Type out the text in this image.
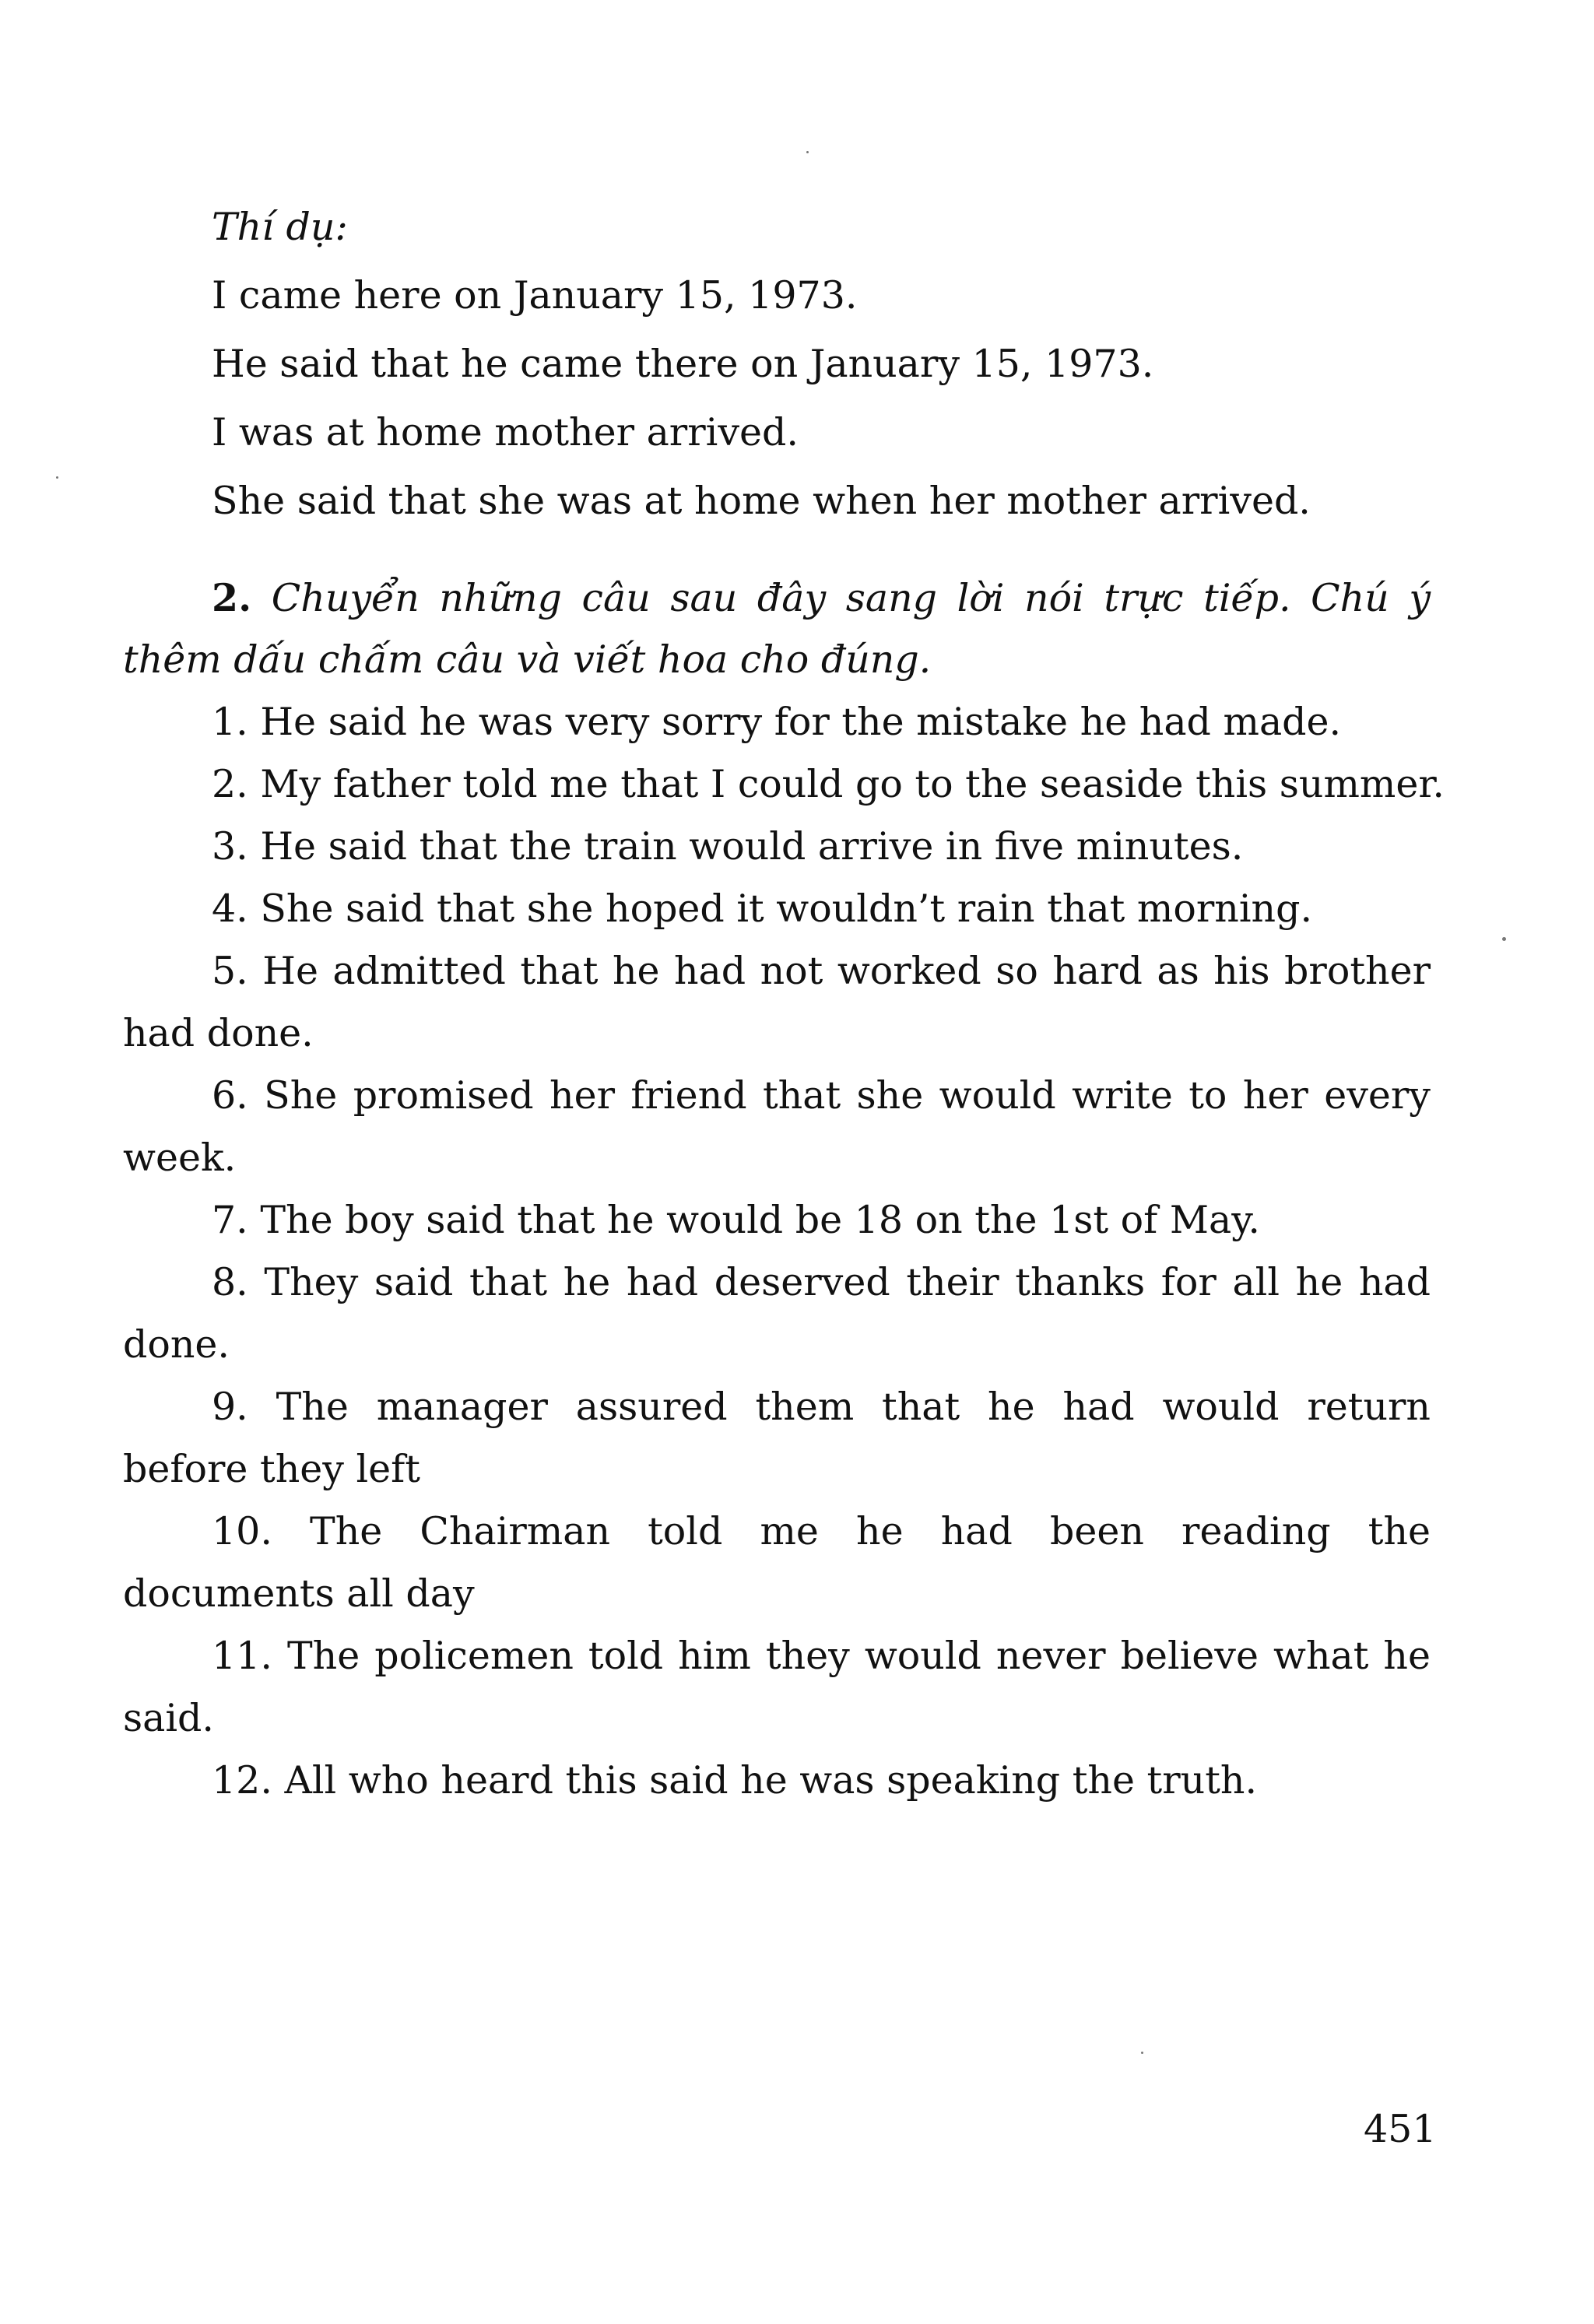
Thí dụ:
I came here on January 15, 1973.
He said that he came there on January 15, 1973.
I was at home mother arrived.
She said that she was at home when her mother arrived.
2. Chuyển những câu sau đây sang lời nói trực tiếp. Chú ý
thêm dấu chấm câu và viết hoa cho đúng.
1. He said he was very sorry for the mistake he had made.
2. My father told me that I could go to the seaside this summer.
3. He said that the train would arrive in five minutes.
4. She said that she hoped it wouldn’t rain that morning.
5. He admitted that he had not worked so hard as his brother
had done.
6. She promised her friend that she would write to her every
week.
7. The boy said that he would be 18 on the 1st of May.
8. They said that he had deserved their thanks for all he had
done.
9. The manager assured them that he had would return
before they left
10. The Chairman told me he had been reading the
documents all day
11. The policemen told him they would never believe what he
said.
12. All who heard this said he was speaking the truth.
451
